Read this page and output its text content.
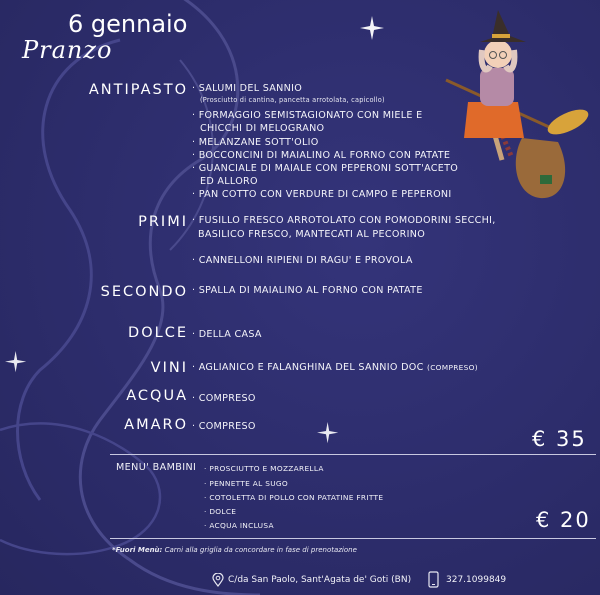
6 gennaio
Pranzo
ANTIPASTO · SALUMI DEL SANNIO
(Prosciutto di cantina, pancetta arrotolata, capicollo)
· FORMAGGIO SEMISTAGIONATO CON MIELE E
CHICCHI DI MELOGRANO
· MELANZANE SOTT'OLIO
· BOCCONCINI DI MAIALINO AL FORNO CON PATATE
· GUANCIALE DI MAIALE CON PEPERONI SOTT'ACETO
ED ALLORO
· PAN COTTO CON VERDURE DI CAMPO E PEPERONI
PRIMI · FUSILLO FRESCO ARROTOLATO CON POMODORINI SECCHI,
BASILICO FRESCO, MANTECATI AL PECORINO
· CANNELLONI RIPIENI DI RAGU' E PROVOLA
SECONDO · SPALLA DI MAIALINO AL FORNO CON PATATE
DOLCE · DELLA CASA
VINI · AGLIANICO E FALANGHINA DEL SANNIO DOC (COMPRESO)
ACQUA · COMPRESO
AMARO · COMPRESO
€ 35
MENU' BAMBINI · PROSCIUTTO E MOZZARELLA
· PENNETTE AL SUGO
· COTOLETTA DI POLLO CON PATATINE FRITTE
· DOLCE
· ACQUA INCLUSA	€ 20
*Fuori Menù: Carni alla griglia da concordare in fase di prenotazione
C/da San Paolo, Sant'Agata de' Goti (BN)	327.1099849
